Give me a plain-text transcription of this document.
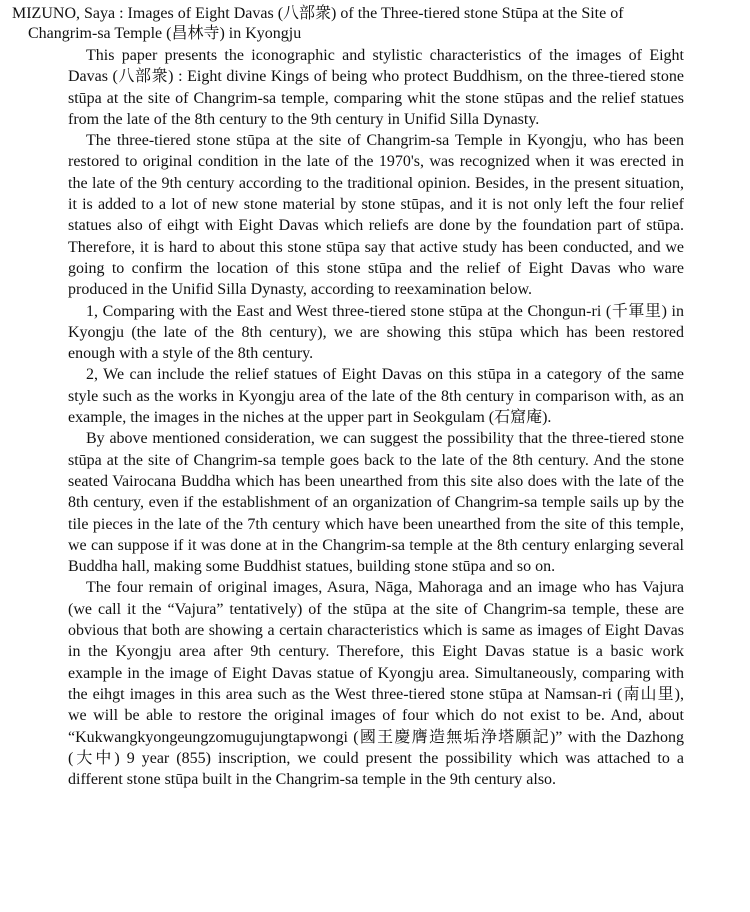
MIZUNO, Saya : Images of Eight Davas (八部衆) of the Three-tiered stone Stūpa at the Site of
Changrim-sa Temple (昌林寺) in Kyongju

This paper presents the iconographic and stylistic characteristics of the images of Eight Davas (八部衆) : Eight divine Kings of being who protect Buddhism, on the three-tiered stone stūpa at the site of Changrim-sa temple, comparing whit the stone stūpas and the relief statues from the late of the 8th century to the 9th century in Unifid Silla Dynasty.

The three-tiered stone stūpa at the site of Changrim-sa Temple in Kyongju, who has been restored to original condition in the late of the 1970's, was recognized when it was erected in the late of the 9th century according to the traditional opinion. Besides, in the present situation, it is added to a lot of new stone material by stone stūpas, and it is not only left the four relief statues also of eihgt with Eight Davas which reliefs are done by the foundation part of stūpa. Therefore, it is hard to about this stone stūpa say that active study has been conducted, and we going to confirm the location of this stone stūpa and the relief of Eight Davas who ware produced in the Unifid Silla Dynasty, according to reexamination below.

1, Comparing with the East and West three-tiered stone stūpa at the Chongun-ri (千軍里) in Kyongju (the late of the 8th century), we are showing this stūpa which has been restored enough with a style of the 8th century.

2, We can include the relief statues of Eight Davas on this stūpa in a category of the same style such as the works in Kyongju area of the late of the 8th century in comparison with, as an example, the images in the niches at the upper part in Seokgulam (石窟庵).

By above mentioned consideration, we can suggest the possibility that the three-tiered stone stūpa at the site of Changrim-sa temple goes back to the late of the 8th century. And the stone seated Vairocana Buddha which has been unearthed from this site also does with the late of the 8th century, even if the establishment of an organization of Changrim-sa temple sails up by the tile pieces in the late of the 7th century which have been unearthed from the site of this temple, we can suppose if it was done at in the Changrim-sa temple at the 8th century enlarging several Buddha hall, making some Buddhist statues, building stone stūpa and so on.

The four remain of original images, Asura, Nāga, Mahoraga and an image who has Vajura (we call it the “Vajura” tentatively) of the stūpa at the site of Changrim-sa temple, these are obvious that both are showing a certain characteristics which is same as images of Eight Davas in the Kyongju area after 9th century. Therefore, this Eight Davas statue is a basic work example in the image of Eight Davas statue of Kyongju area. Simultaneously, comparing with the eihgt images in this area such as the West three-tiered stone stūpa at Namsan-ri (南山里), we will be able to restore the original images of four which do not exist to be. And, about “Kukwangkyongeungzomugujungtapwongi (國王慶膺造無垢浄塔願記)” with the Dazhong (大中) 9 year (855) inscription, we could present the possibility which was attached to a different stone stūpa built in the Changrim-sa temple in the 9th century also.
